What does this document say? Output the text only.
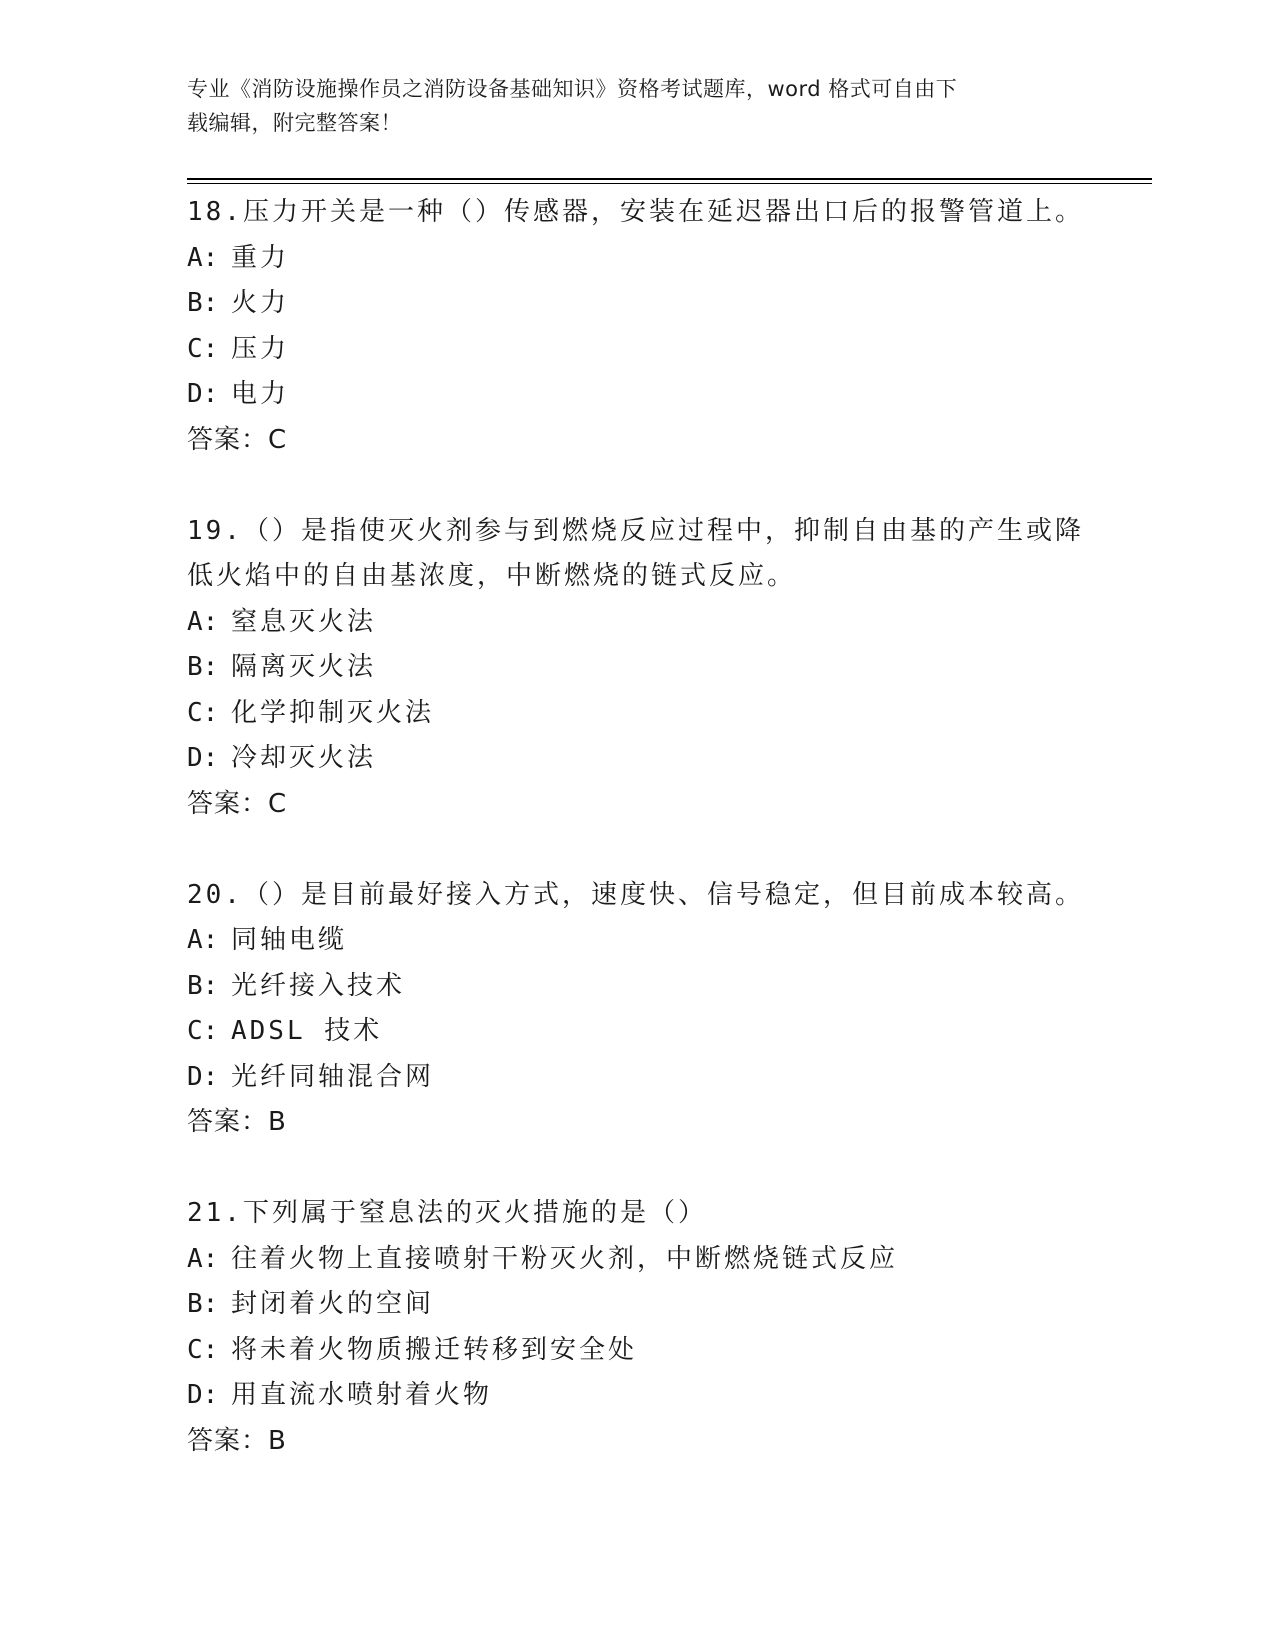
专业《消防设施操作员之消防设备基础知识》资格考试题库，word 格式可自由下
载编辑，附完整答案！
18.压力开关是一种（）传感器，安装在延迟器出口后的报警管道上。
A: 重力
B: 火力
C: 压力
D: 电力
答案：C
19.（）是指使灭火剂参与到燃烧反应过程中，抑制自由基的产生或降
低火焰中的自由基浓度，中断燃烧的链式反应。
A: 窒息灭火法
B: 隔离灭火法
C: 化学抑制灭火法
D: 冷却灭火法
答案：C
20.（）是目前最好接入方式，速度快、信号稳定，但目前成本较高。
A: 同轴电缆
B: 光纤接入技术
C: ADSL 技术
D: 光纤同轴混合网
答案：B
21.下列属于窒息法的灭火措施的是（）
A: 往着火物上直接喷射干粉灭火剂，中断燃烧链式反应
B: 封闭着火的空间
C: 将未着火物质搬迁转移到安全处
D: 用直流水喷射着火物
答案：B
